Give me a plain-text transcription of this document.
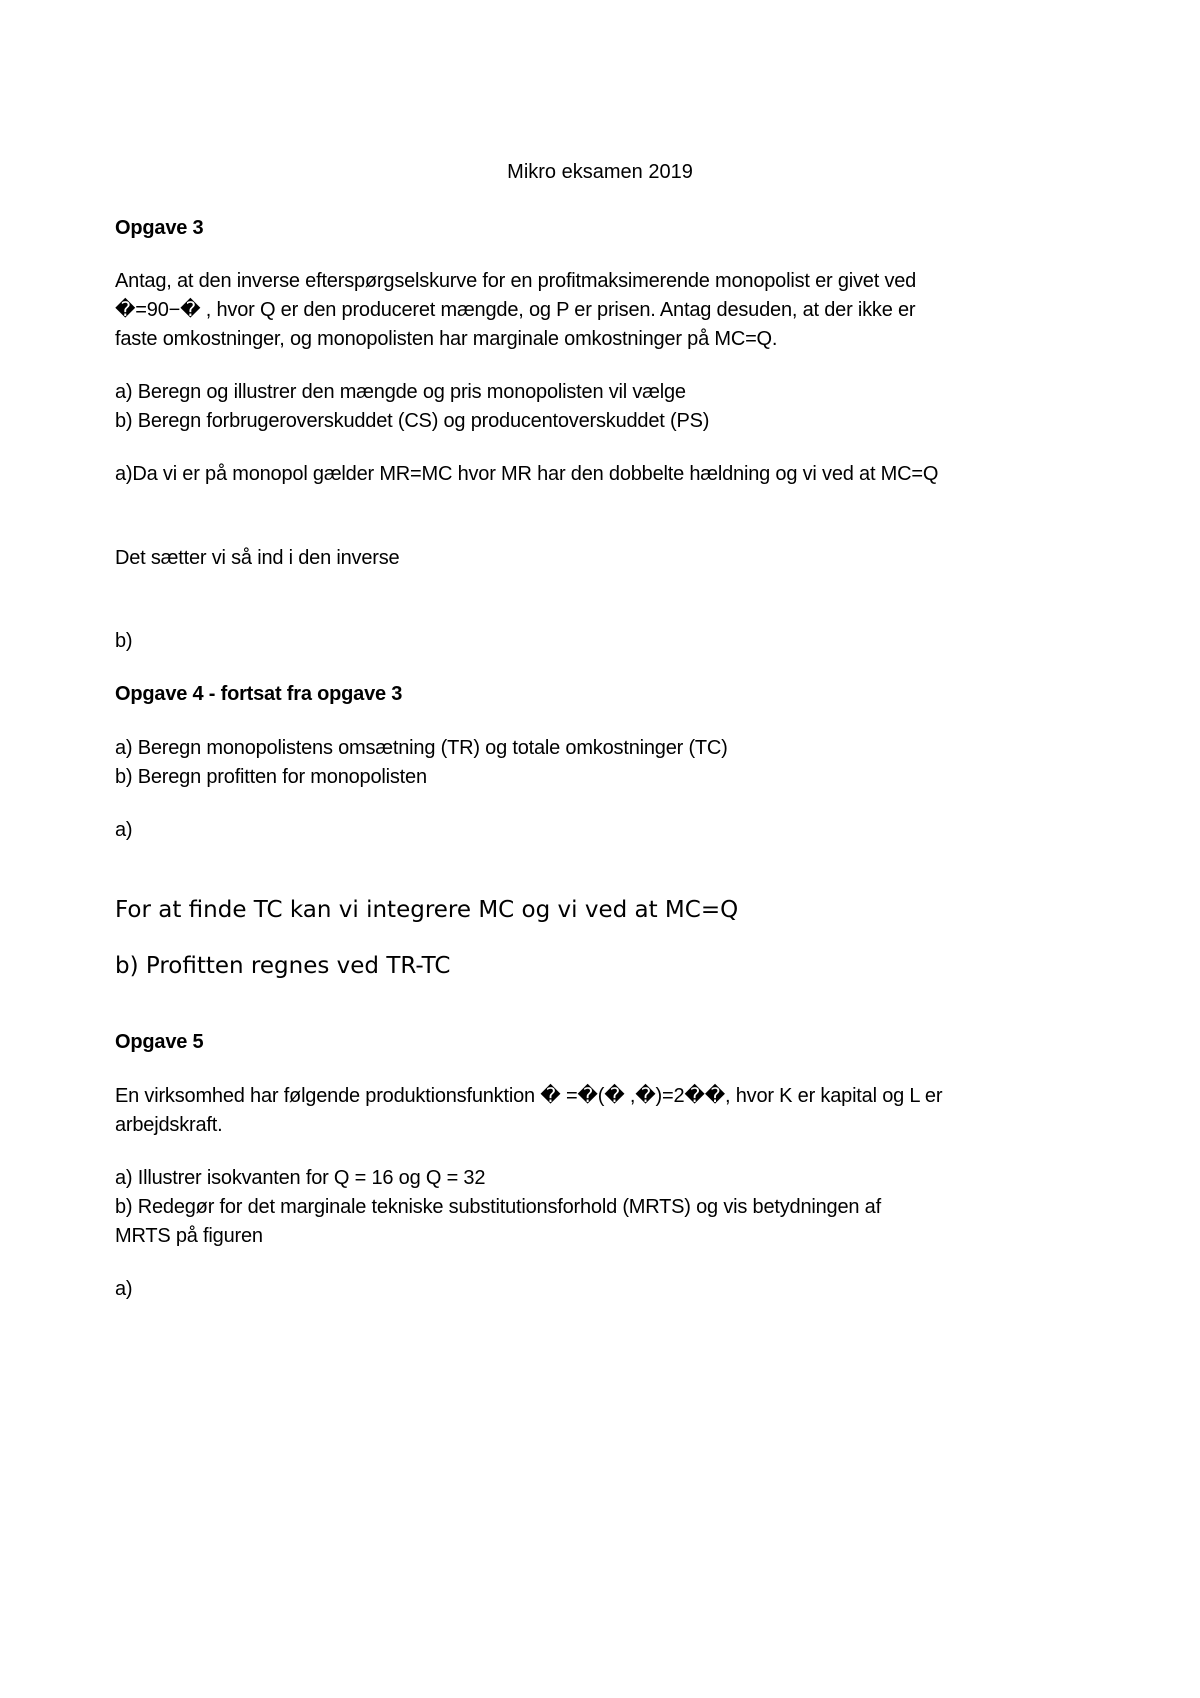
Mikro eksamen 2019
Opgave 3
Antag, at den inverse efterspørgselskurve for en profitmaksimerende monopolist er givet ved
�=90−� , hvor Q er den produceret mængde, og P er prisen. Antag desuden, at der ikke er
faste omkostninger, og monopolisten har marginale omkostninger på MC=Q.
a) Beregn og illustrer den mængde og pris monopolisten vil vælge
b) Beregn forbrugeroverskuddet (CS) og producentoverskuddet (PS)
a)Da vi er på monopol gælder MR=MC hvor MR har den dobbelte hældning og vi ved at MC=Q
Det sætter vi så ind i den inverse
b)
Opgave 4 - fortsat fra opgave 3
a) Beregn monopolistens omsætning (TR) og totale omkostninger (TC)
b) Beregn profitten for monopolisten
a)
For at finde TC kan vi integrere MC og vi ved at MC=Q
b) Profitten regnes ved TR-TC
Opgave 5
En virksomhed har følgende produktionsfunktion � =�(� ,�)=2��, hvor K er kapital og L er
arbejdskraft.
a) Illustrer isokvanten for Q = 16 og Q = 32
b) Redegør for det marginale tekniske substitutionsforhold (MRTS) og vis betydningen af
MRTS på figuren
a)
